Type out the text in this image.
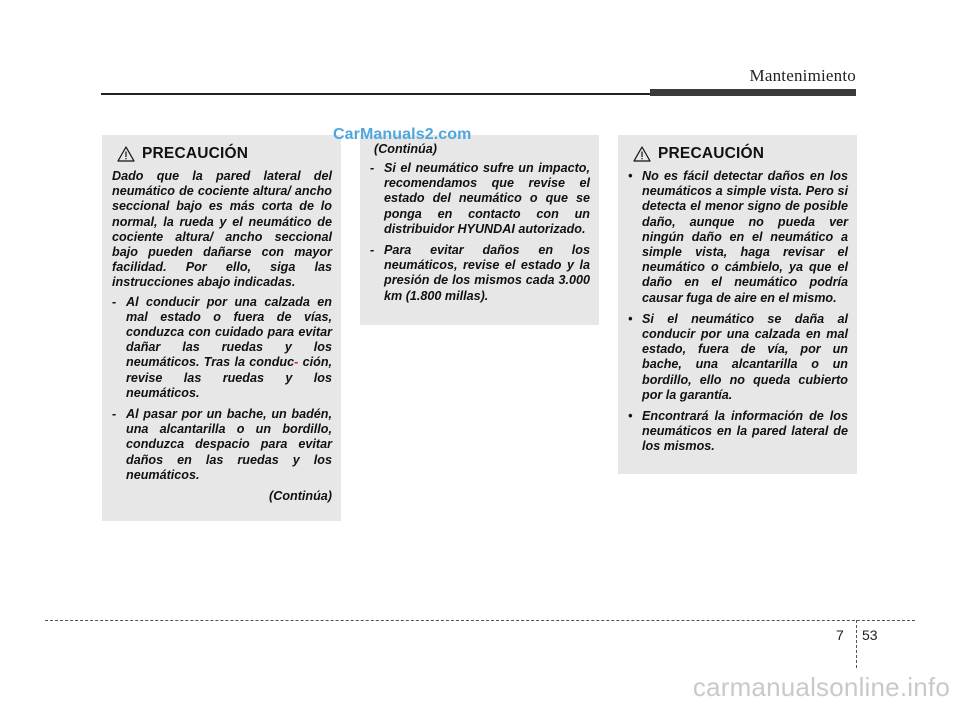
Mantenimiento
PRECAUCIÓN

Dado que la pared lateral del neumático de cociente altura/ ancho seccional bajo es más corta de lo normal, la rueda y el neumático de cociente altura/ ancho seccional bajo pueden dañarse con mayor facilidad. Por ello, siga las instrucciones abajo indicadas.

- Al conducir por una calzada en mal estado o fuera de vías, conduzca con cuidado para evitar dañar las ruedas y los neumáticos. Tras la conduc- ción, revise las ruedas y los neumáticos.
- Al pasar por un bache, un badén, una alcantarilla o un bordillo, conduzca despacio para evitar daños en las ruedas y los neumáticos.
(Continúa)
(Continúa)
- Si el neumático sufre un impacto, recomendamos que revise el estado del neumático o que se ponga en contacto con un distribuidor HYUNDAI autorizado.
- Para evitar daños en los neumáticos, revise el estado y la presión de los mismos cada 3.000 km (1.800 millas).
PRECAUCIÓN
• No es fácil detectar daños en los neumáticos a simple vista. Pero si detecta el menor signo de posible daño, aunque no pueda ver ningún daño en el neumático a simple vista, haga revisar el neumático o cámbielo, ya que el daño en el neumático podría causar fuga de aire en el mismo.
• Si el neumático se daña al conducir por una calzada en mal estado, fuera de vía, por un bache, una alcantarilla o un bordillo, ello no queda cubierto por la garantía.
• Encontrará la información de los neumáticos en la pared lateral de los mismos.
CarManuals2.com
7 53
carmanualsonline.info
